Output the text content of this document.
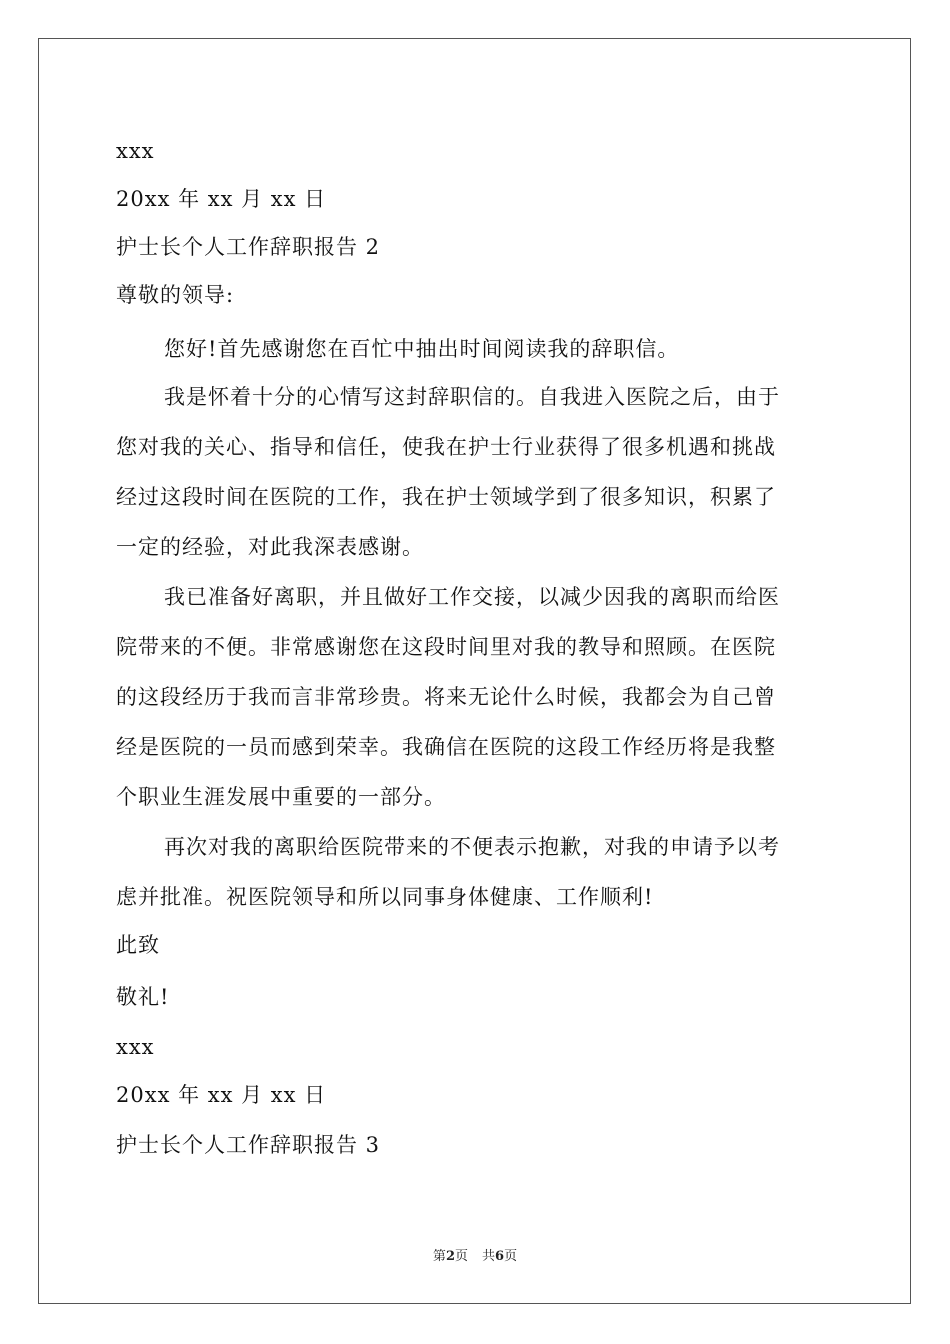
xxx
20xx 年 xx 月 xx 日
护士长个人工作辞职报告 2
尊敬的领导:
您好!首先感谢您在百忙中抽出时间阅读我的辞职信。
我是怀着十分的心情写这封辞职信的。自我进入医院之后，由于
您对我的关心、指导和信任，使我在护士行业获得了很多机遇和挑战
经过这段时间在医院的工作，我在护士领域学到了很多知识，积累了
一定的经验，对此我深表感谢。
我已准备好离职，并且做好工作交接，以减少因我的离职而给医
院带来的不便。非常感谢您在这段时间里对我的教导和照顾。在医院
的这段经历于我而言非常珍贵。将来无论什么时候，我都会为自己曾
经是医院的一员而感到荣幸。我确信在医院的这段工作经历将是我整
个职业生涯发展中重要的一部分。
再次对我的离职给医院带来的不便表示抱歉，对我的申请予以考
虑并批准。祝医院领导和所以同事身体健康、工作顺利!
此致
敬礼!
xxx
20xx 年 xx 月 xx 日
护士长个人工作辞职报告 3
第2页 共6页
